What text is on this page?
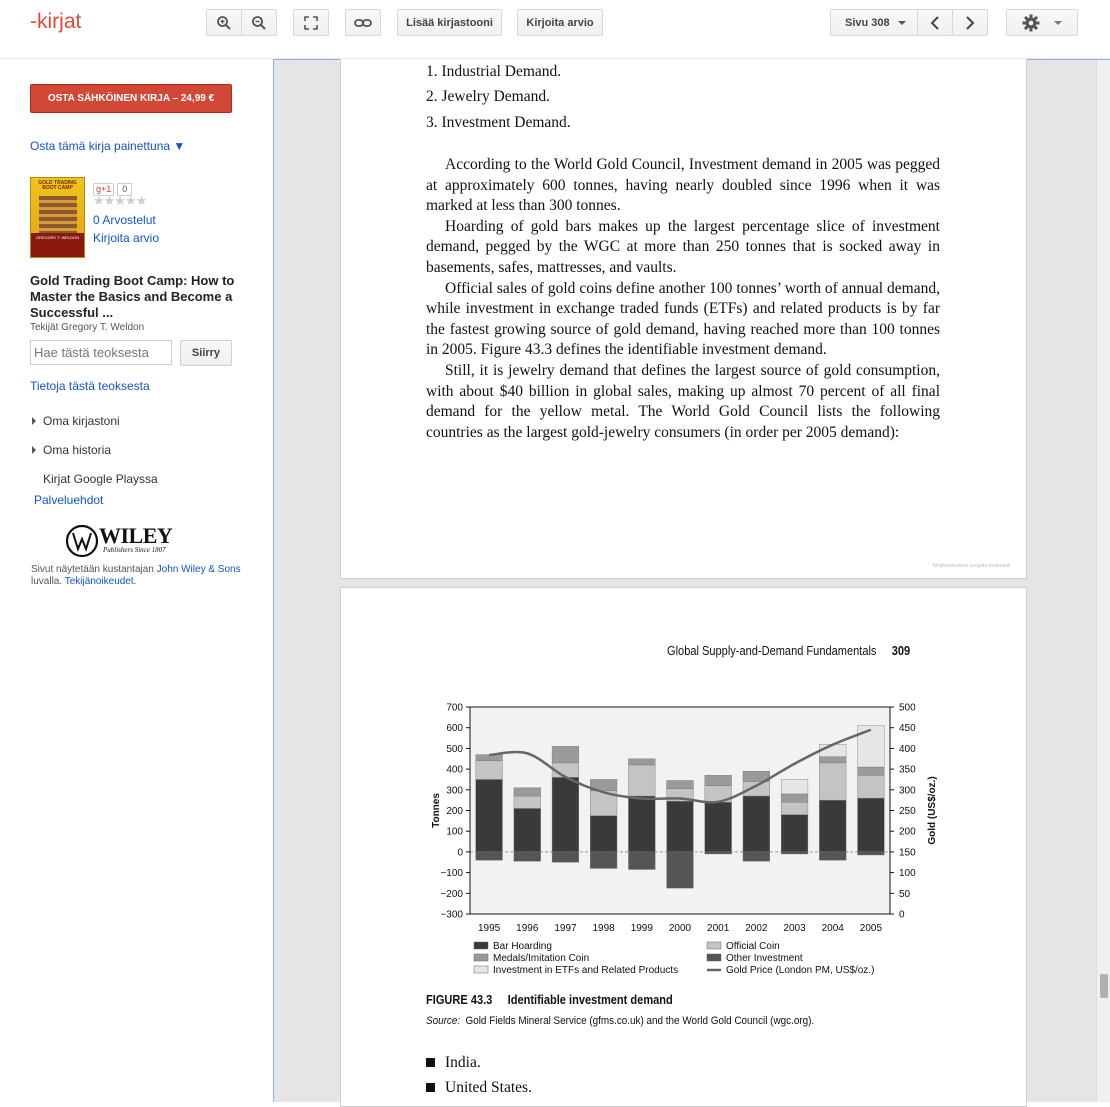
-kirjat	Lisää kirjastooni	Kirjoita arvio	Sivu 308
OSTA SÄHKÖINEN KIRJA – 24,99 €
Osta tämä kirja painettuna ▼
GOLD TRADING
BOOT CAMP
GREGORY T. WELDON
g+1 0
★★★★★
0 Arvostelut
Kirjoita arvio
Gold Trading Boot Camp: How to Master the Basics and Become a Successful ...
Tekijät Gregory T. Weldon
Hae tästä teoksesta
Siirry
Tietoja tästä teoksesta
Oma kirjastoni
Oma historia
Kirjat Google Playssa
Palveluehdot
WILEY
Publishers Since 1807
Sivut näytetään kustantajan John Wiley & Sons
luvalla. Tekijänoikeudet.
1. Industrial Demand.
2. Jewelry Demand.
3. Investment Demand.

According to the World Gold Council, Investment demand in 2005 was pegged at approximately 600 tonnes, having nearly doubled since 1996 when it was marked at less than 300 tonnes.

Hoarding of gold bars makes up the largest percentage slice of investment demand, pegged by the WGC at more than 250 tonnes that is socked away in basements, safes, mattresses, and vaults.

Official sales of gold coins define another 100 tonnes’ worth of annual demand, while investment in exchange traded funds (ETFs) and related products is by far the fastest growing source of gold demand, having reached more than 100 tonnes in 2005. Figure 43.3 defines the identifiable investment demand.

Still, it is jewelry demand that defines the largest source of gold consumption, with about $40 billion in global sales, making up almost 70 percent of all final demand for the yellow metal. The World Gold Council lists the following countries as the largest gold-jewelry consumers (in order per 2005 demand):

Tekijänoikeuksin suojattu materiaali
Global Supply-and-Demand Fundamentals 309
1995 1996 1997 1998 1999 2000 2001 2002 2003 2004 2005
700
600
500
400
300
200
100
0
−100
−200
−300
500
450
400
350
300
250
200
150
100
50
0
Tonnes	Gold (US$/oz.)
Bar Hoarding	Official Coin
Medals/Imitation Coin	Other Investment
Investment in ETFs and Related Products	Gold Price (London PM, US$/oz.)
FIGURE 43.3 Identifiable investment demand
Source: Gold Fields Mineral Service (gfms.co.uk) and the World Gold Council (wgc.org).
India.
United States.
